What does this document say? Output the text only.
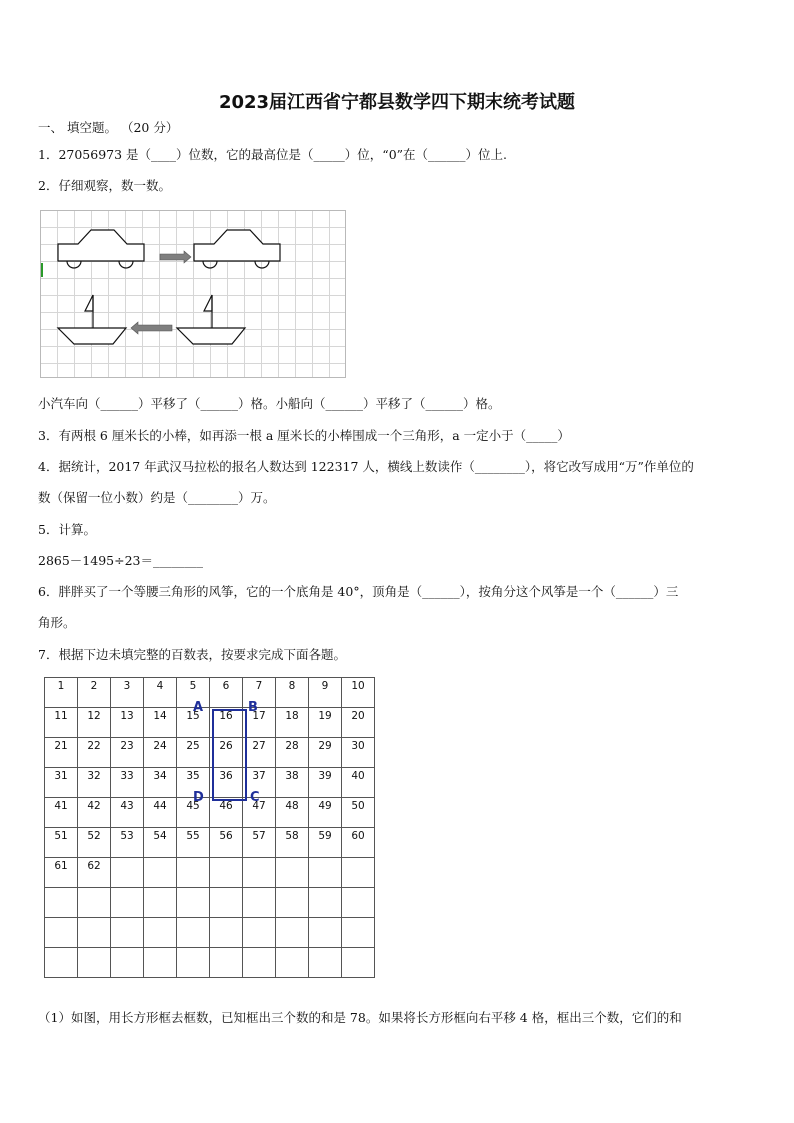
2023届江西省宁都县数学四下期末统考试题
一、 填空题。 （20 分）
1．27056973 是（____）位数，它的最高位是（_____）位，“0”在（______）位上.
2．仔细观察，数一数。
小汽车向（______）平移了（______）格。小船向（______）平移了（______）格。
3．有两根 6 厘米长的小棒，如再添一根 a 厘米长的小棒围成一个三角形，a 一定小于（_____）
4．据统计，2017 年武汉马拉松的报名人数达到 122317 人，横线上数读作（________），将它改写成用“万”作单位的
数（保留一位小数）约是（________）万。
5．计算。
2865－1495÷23＝________
6．胖胖买了一个等腰三角形的风筝，它的一个底角是 40°，顶角是（______），按角分这个风筝是一个（______）三
角形。
7．根据下边未填完整的百数表，按要求完成下面各题。
1	2	3	4	5	6	7	8	9	10
11	12	13	14	15	16	17	18	19	20
21	22	23	24	25	26	27	28	29	30
31	32	33	34	35	36	37	38	39	40
41	42	43	44	45	46	47	48	49	50
51	52	53	54	55	56	57	58	59	60
61	62								

A	B
D	C
（1）如图，用长方形框去框数，已知框出三个数的和是 78。如果将长方形框向右平移 4 格，框出三个数，它们的和
